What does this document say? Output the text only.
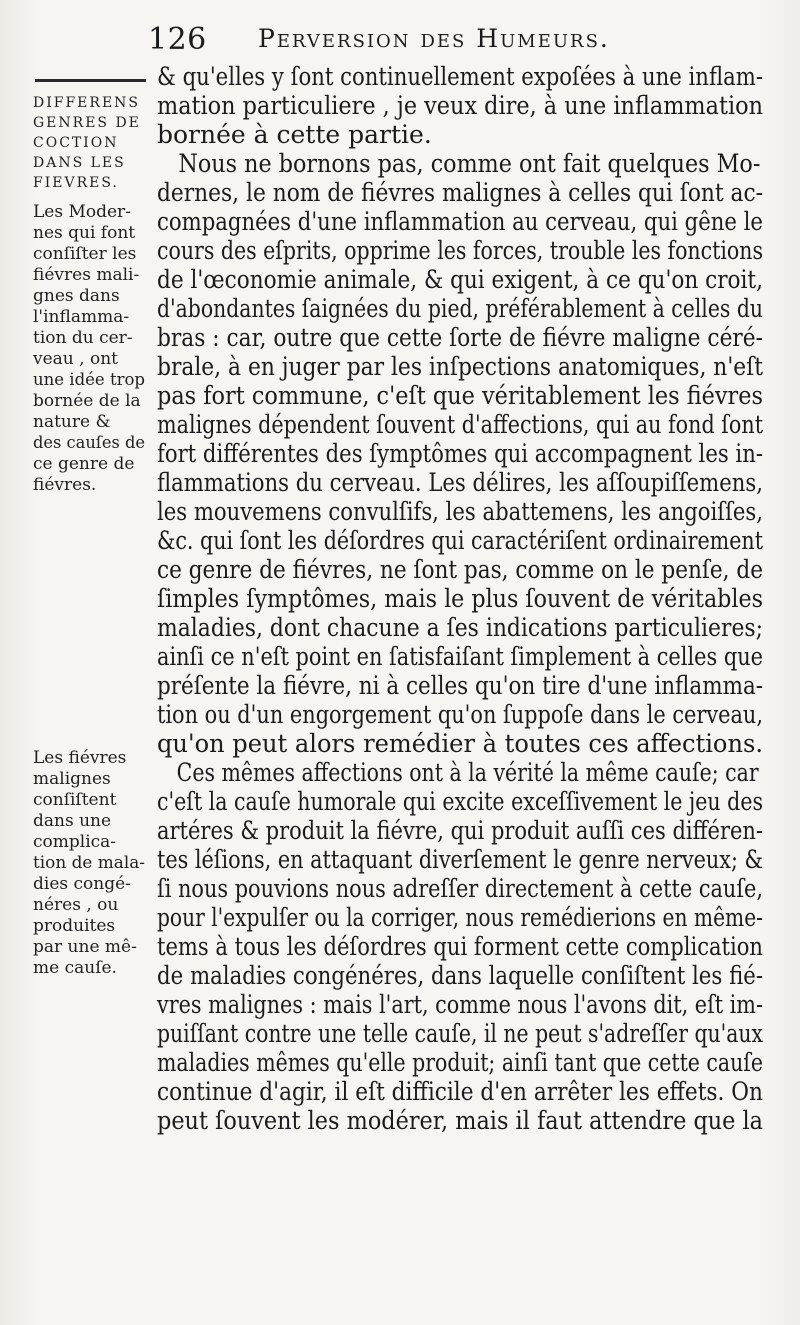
126 Perversion des Humeurs.
DIFFERENS
GENRES DE
COCTION
DANS LES
FIEVRES.
Les Moder-
nes qui font
conſiſter les
fiévres mali-
gnes dans
l'inflamma-
tion du cer-
veau , ont
une idée trop
bornée de la
nature &
des cauſes de
ce genre de
fiévres.
Les fiévres
malignes
conſiſtent
dans une
complica-
tion de mala-
dies congé-
néres , ou
produites
par une mê-
me cauſe.
& qu'elles y ſont continuellement expoſées à une inflam-
mation particuliere , je veux dire, à une inflammation
bornée à cette partie.
Nous ne bornons pas, comme ont fait quelques Mo-
dernes, le nom de fiévres malignes à celles qui ſont ac-
compagnées d'une inflammation au cerveau, qui gêne le
cours des eſprits, opprime les forces, trouble les fonctions
de l'œconomie animale, & qui exigent, à ce qu'on croit,
d'abondantes ſaignées du pied, préférablement à celles du
bras : car, outre que cette ſorte de fiévre maligne céré-
brale, à en juger par les inſpections anatomiques, n'eſt
pas fort commune, c'eſt que véritablement les fiévres
malignes dépendent ſouvent d'affections, qui au fond ſont
fort différentes des ſymptômes qui accompagnent les in-
flammations du cerveau. Les délires, les aſſoupiſſemens,
les mouvemens convulſifs, les abattemens, les angoiſſes,
&c. qui ſont les déſordres qui caractériſent ordinairement
ce genre de fiévres, ne ſont pas, comme on le penſe, de
ſimples ſymptômes, mais le plus ſouvent de véritables
maladies, dont chacune a ſes indications particulieres;
ainſi ce n'eſt point en ſatisfaiſant ſimplement à celles que
préſente la fiévre, ni à celles qu'on tire d'une inflamma-
tion ou d'un engorgement qu'on ſuppoſe dans le cerveau,
qu'on peut alors remédier à toutes ces affections.
Ces mêmes affections ont à la vérité la même cauſe; car
c'eſt la cauſe humorale qui excite exceſſivement le jeu des
artéres & produit la fiévre, qui produit auſſi ces différen-
tes léſions, en attaquant diverſement le genre nerveux; &
ſi nous pouvions nous adreſſer directement à cette cauſe,
pour l'expulſer ou la corriger, nous remédierions en même-
tems à tous les déſordres qui forment cette complication
de maladies congénéres, dans laquelle conſiſtent les fié-
vres malignes : mais l'art, comme nous l'avons dit, eſt im-
puiſſant contre une telle cauſe, il ne peut s'adreſſer qu'aux
maladies mêmes qu'elle produit; ainſi tant que cette cauſe
continue d'agir, il eſt difficile d'en arrêter les effets. On
peut ſouvent les modérer, mais il faut attendre que la
